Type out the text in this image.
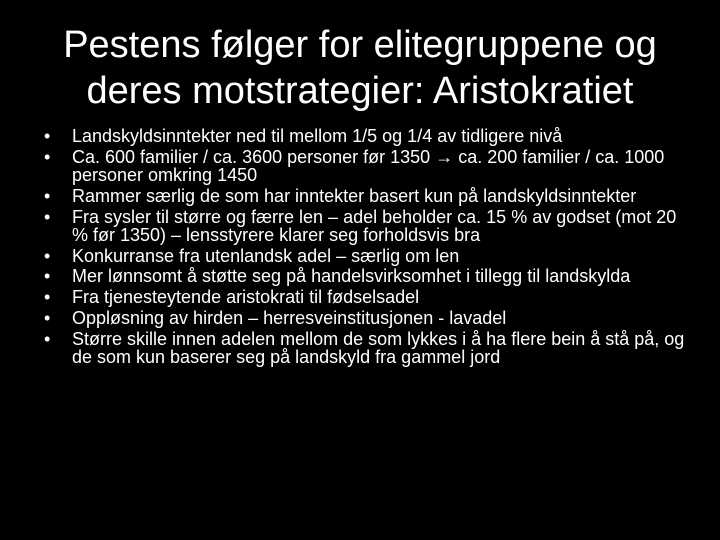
Pestens følger for elitegruppene og
deres motstrategier: Aristokratiet
•	Landskyldsinntekter ned til mellom 1/5 og 1/4 av tidligere nivå
•	Ca. 600 familier / ca. 3600 personer før 1350 → ca. 200 familier / ca. 1000 personer omkring 1450
•	Rammer særlig de som har inntekter basert kun på landskyldsinntekter
•	Fra sysler til større og færre len – adel beholder ca. 15 % av godset (mot 20 % før 1350) – lensstyrere klarer seg forholdsvis bra
•	Konkurranse fra utenlandsk adel – særlig om len
•	Mer lønnsomt å støtte seg på handelsvirksomhet i tillegg til landskylda
•	Fra tjenesteytende aristokrati til fødselsadel
•	Oppløsning av hirden – herresveinstitusjonen - lavadel
•	Større skille innen adelen mellom de som lykkes i å ha flere bein å stå på, og de som kun baserer seg på landskyld fra gammel jord
